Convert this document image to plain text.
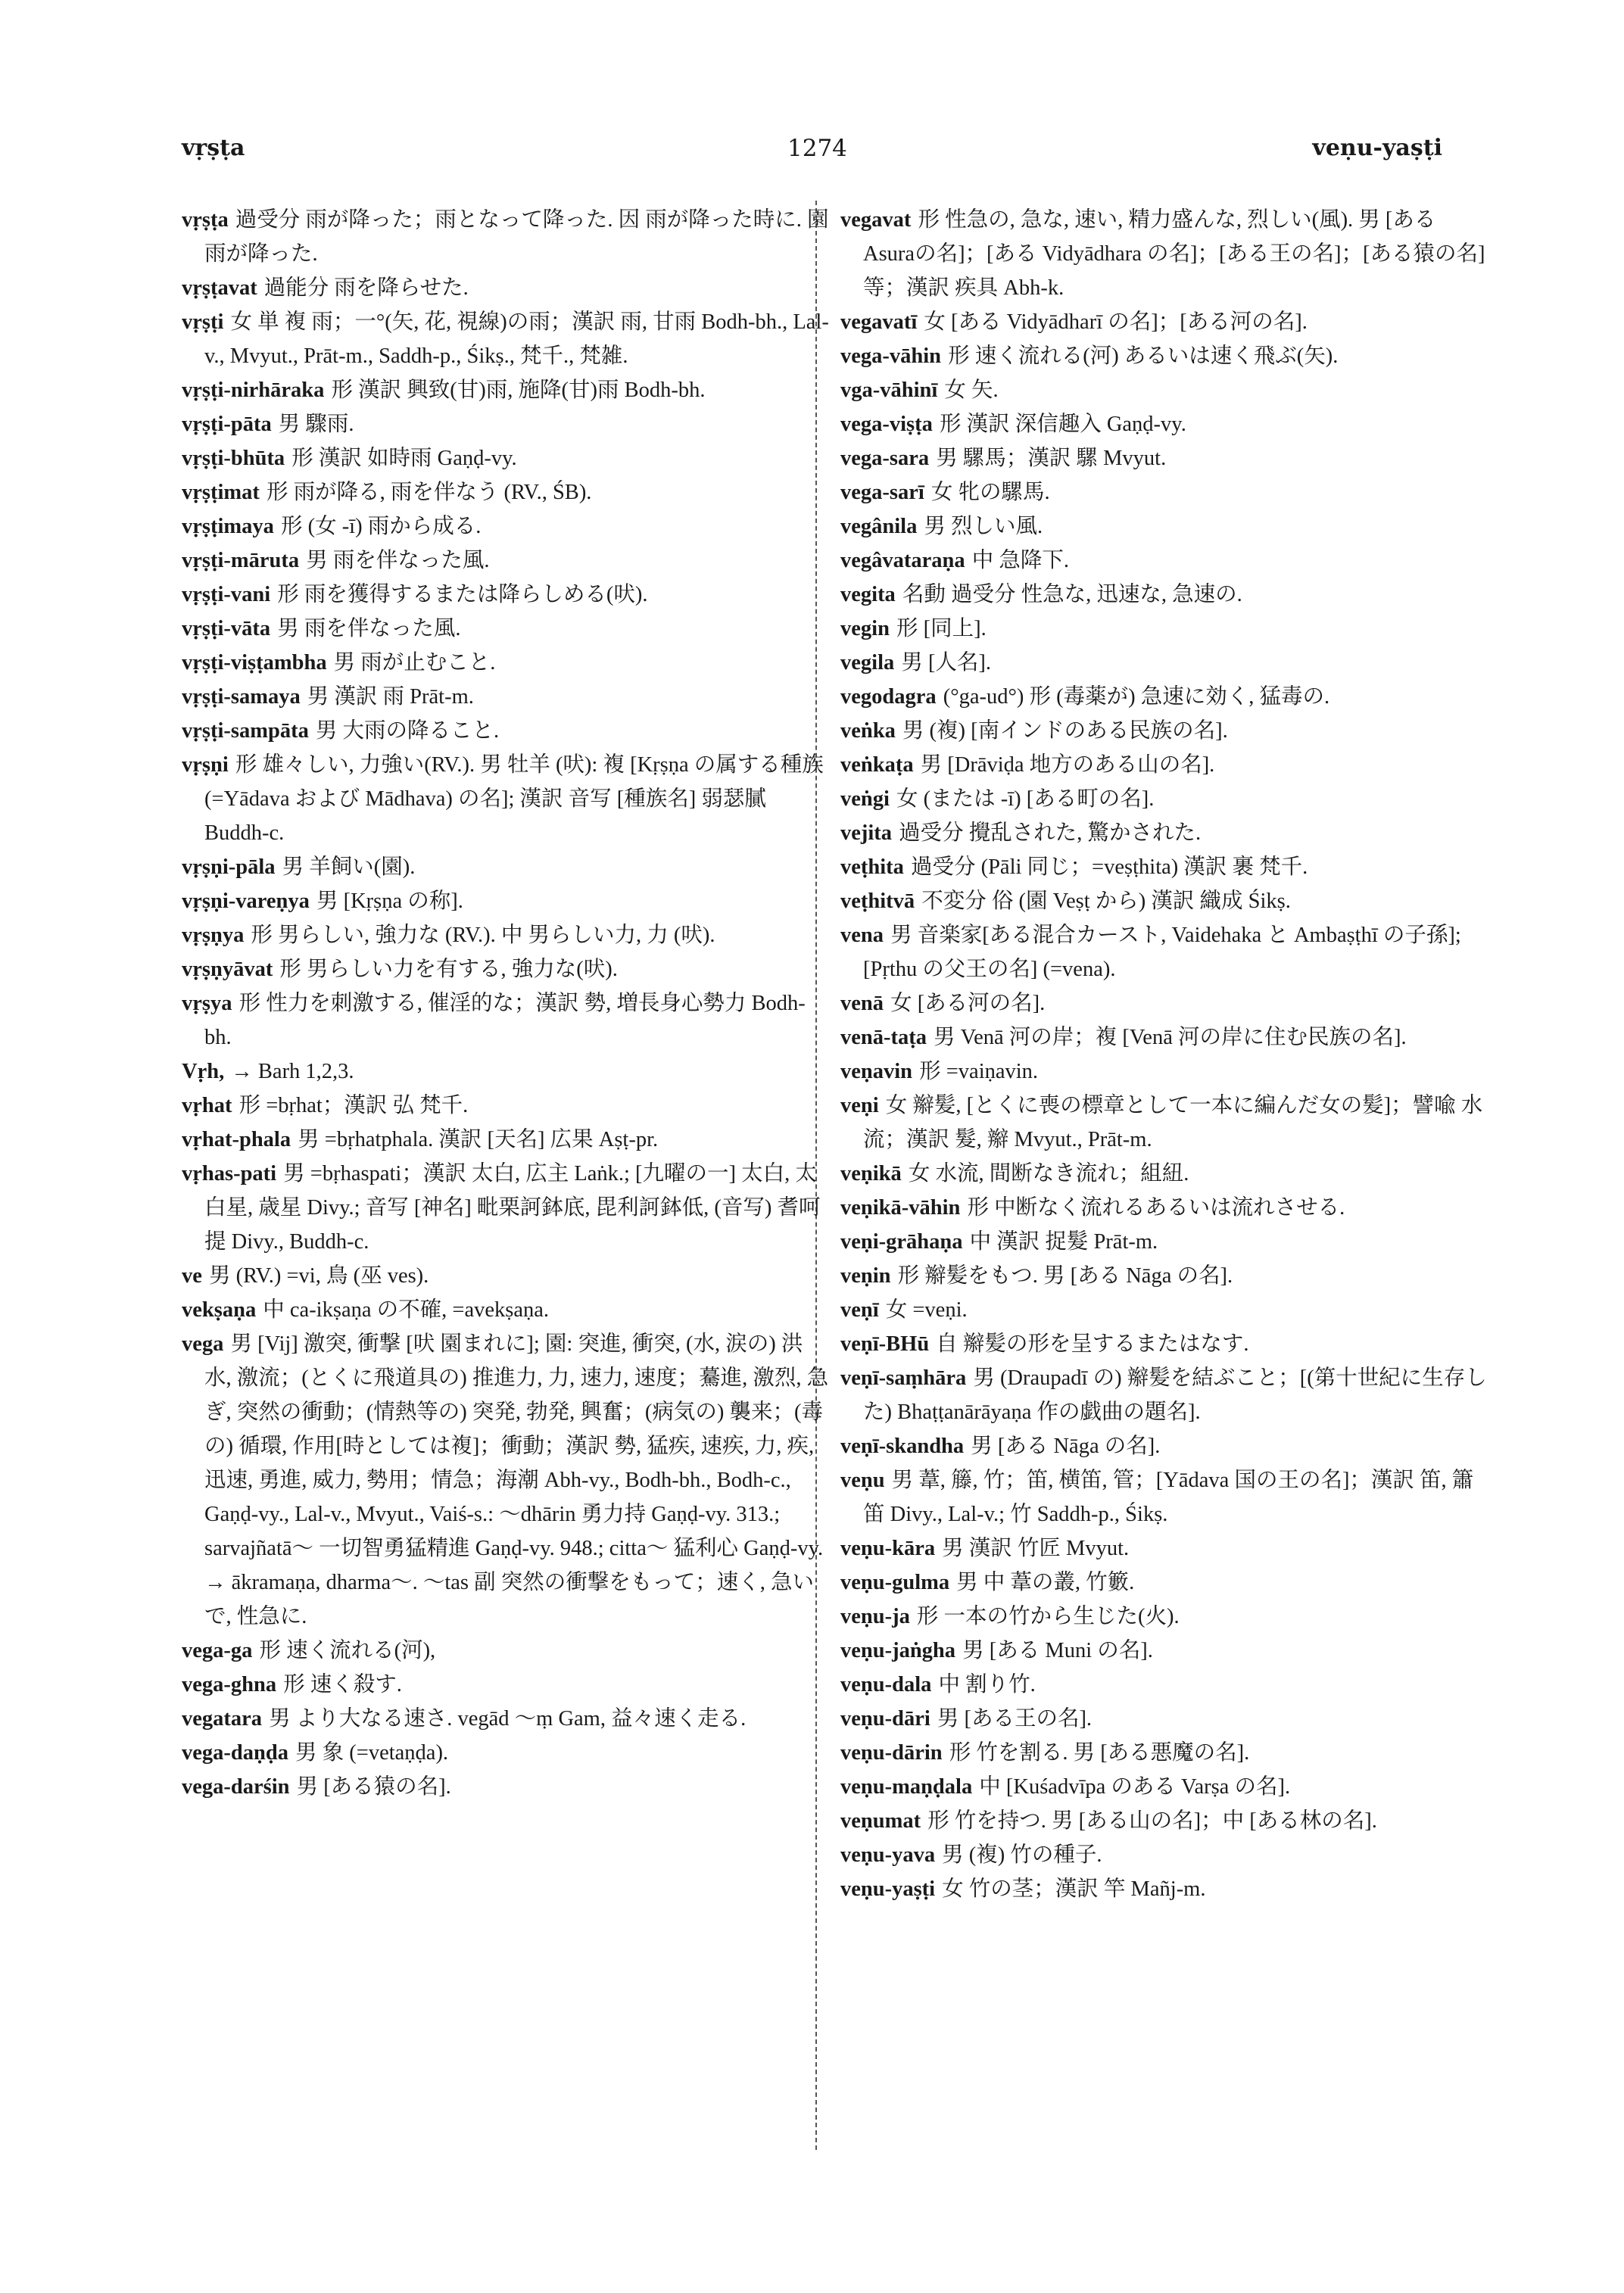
vṛṣṭa	1274	veṇu-yaṣṭi

vṛṣṭa 過受分 雨が降った；雨となって降った. 因 雨が降った時に. 園 雨が降った.

vṛṣṭavat 過能分 雨を降らせた.

vṛṣṭi 女 単 複 雨；一°(矢, 花, 視線)の雨；漢訳 雨, 甘雨 Bodh-bh., Lal-v., Mvyut., Prāt-m., Saddh-p., Śikṣ., 梵千., 梵雑.

vṛṣṭi-nirhāraka 形 漢訳 興致(甘)雨, 施降(甘)雨 Bodh-bh.

vṛṣṭi-pāta 男 驟雨.

vṛṣṭi-bhūta 形 漢訳 如時雨 Gaṇḍ-vy.

vṛṣṭimat 形 雨が降る, 雨を伴なう (RV., ŚB).

vṛṣṭimaya 形 (女 -ī) 雨から成る.

vṛṣṭi-māruta 男 雨を伴なった風.

vṛṣṭi-vani 形 雨を獲得するまたは降らしめる(吠).

vṛṣṭi-vāta 男 雨を伴なった風.

vṛṣṭi-viṣṭambha 男 雨が止むこと.

vṛṣṭi-samaya 男 漢訳 雨 Prāt-m.

vṛṣṭi-sampāta 男 大雨の降ること.

vṛṣṇi 形 雄々しい, 力強い(RV.). 男 牡羊 (吠): 複 [Kṛṣṇa の属する種族 (=Yādava および Mādhava) の名]; 漢訳 音写 [種族名] 弱瑟膩 Buddh-c.

vṛṣṇi-pāla 男 羊飼い(園).

vṛṣṇi-vareṇya 男 [Kṛṣṇa の称].

vṛṣṇya 形 男らしい, 強力な (RV.). 中 男らしい力, 力 (吠).

vṛṣṇyāvat 形 男らしい力を有する, 強力な(吠).

vṛṣya 形 性力を刺激する, 催淫的な；漢訳 勢, 増長身心勢力 Bodh-bh.

Vṛh, → Barh 1,2,3.

vṛhat 形 =bṛhat；漢訳 弘 梵千.

vṛhat-phala 男 =bṛhatphala. 漢訳 [天名] 広果 Aṣṭ-pr.

vṛhas-pati 男 =bṛhaspati；漢訳 太白, 広主 Laṅk.; [九曜の一] 太白, 太白星, 歳星 Divy.; 音写 [神名] 毗栗訶鉢底, 毘利訶鉢低, (音写) 耆呵提 Divy., Buddh-c.

ve 男 (RV.) =vi, 鳥 (巫 ves).

vekṣaṇa 中 ca-ikṣaṇa の不確, =avekṣaṇa.

vega 男 [Vij] 激突, 衝撃 [吠 園まれに]; 園: 突進, 衝突, (水, 涙の) 洪水, 激流；(とくに飛道具の) 推進力, 力, 速力, 速度；驀進, 激烈, 急ぎ, 突然の衝動；(情熱等の) 突発, 勃発, 興奮；(病気の) 襲来；(毒の) 循環, 作用[時としては複]；衝動；漢訳 勢, 猛疾, 速疾, 力, 疾, 迅速, 勇進, 威力, 勢用；情急；海潮 Abh-vy., Bodh-bh., Bodh-c., Gaṇḍ-vy., Lal-v., Mvyut., Vaiś-s.: ～dhārin 勇力持 Gaṇḍ-vy. 313.; sarvajñatā～ 一切智勇猛精進 Gaṇḍ-vy. 948.; citta～ 猛利心 Gaṇḍ-vy. → ākramaṇa, dharma～. ～tas 副 突然の衝撃をもって；速く, 急いで, 性急に.

vega-ga 形 速く流れる(河),

vega-ghna 形 速く殺す.

vegatara 男 より大なる速さ. vegād ～ṃ Gam, 益々速く走る.

vega-daṇḍa 男 象 (=vetaṇḍa).

vega-darśin 男 [ある猿の名].

vegavat 形 性急の, 急な, 速い, 精力盛んな, 烈しい(風). 男 [ある Asuraの名]；[ある Vidyādhara の名]；[ある王の名]；[ある猿の名] 等；漢訳 疾具 Abh-k.

vegavatī 女 [ある Vidyādharī の名]；[ある河の名].

vega-vāhin 形 速く流れる(河) あるいは速く飛ぶ(矢).

vga-vāhinī 女 矢.

vega-viṣṭa 形 漢訳 深信趣入 Gaṇḍ-vy.

vega-sara 男 騾馬；漢訳 騾 Mvyut.

vega-sarī 女 牝の騾馬.

vegânila 男 烈しい風.

vegâvataraṇa 中 急降下.

vegita 名動 過受分 性急な, 迅速な, 急速の.

vegin 形 [同上].

vegila 男 [人名].

vegodagra (°ga-ud°) 形 (毒薬が) 急速に効く, 猛毒の.

veṅka 男 (複) [南インドのある民族の名].

veṅkaṭa 男 [Drāviḍa 地方のある山の名].

veṅgi 女 (または -ī) [ある町の名].

vejita 過受分 攪乱された, 驚かされた.

veṭhita 過受分 (Pāli 同じ；=veṣṭhita) 漢訳 裹 梵千.

veṭhitvā 不変分 俗 (園 Veṣṭ から) 漢訳 織成 Śikṣ.

vena 男 音楽家[ある混合カースト, Vaidehaka と Ambaṣṭhī の子孫]; [Pṛthu の父王の名] (=vena).

venā 女 [ある河の名].

venā-taṭa 男 Venā 河の岸；複 [Venā 河の岸に住む民族の名].

veṇavin 形 =vaiṇavin.

veṇi 女 辮髪, [とくに喪の標章として一本に編んだ女の髪]；譬喩 水流；漢訳 髮, 辮 Mvyut., Prāt-m.

veṇikā 女 水流, 間断なき流れ；組紐.

veṇikā-vāhin 形 中断なく流れるあるいは流れさせる.

veṇi-grāhaṇa 中 漢訳 捉髮 Prāt-m.

veṇin 形 辮髪をもつ. 男 [ある Nāga の名].

veṇī 女 =veṇi.

veṇī-BHū 自 辮髪の形を呈するまたはなす.

veṇī-saṃhāra 男 (Draupadī の) 辮髪を結ぶこと；[(第十世紀に生存した) Bhaṭṭanārāyaṇa 作の戯曲の題名].

veṇī-skandha 男 [ある Nāga の名].

veṇu 男 葦, 籐, 竹；笛, 横笛, 管；[Yādava 国の王の名]；漢訳 笛, 簫笛 Divy., Lal-v.; 竹 Saddh-p., Śikṣ.

veṇu-kāra 男 漢訳 竹匠 Mvyut.

veṇu-gulma 男 中 葦の叢, 竹籔.

veṇu-ja 形 一本の竹から生じた(火).

veṇu-jaṅgha 男 [ある Muni の名].

veṇu-dala 中 割り竹.

veṇu-dāri 男 [ある王の名].

veṇu-dārin 形 竹を割る. 男 [ある悪魔の名].

veṇu-maṇḍala 中 [Kuśadvīpa のある Varṣa の名].

veṇumat 形 竹を持つ. 男 [ある山の名]；中 [ある林の名].

veṇu-yava 男 (複) 竹の種子.

veṇu-yaṣṭi 女 竹の茎；漢訳 竿 Mañj-m.
